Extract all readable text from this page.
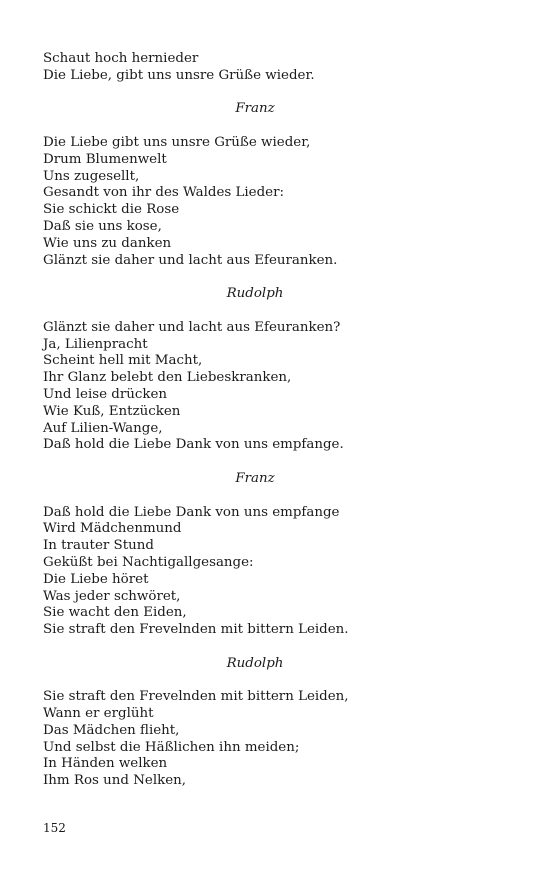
Schaut hoch hernieder
Die Liebe, gibt uns unsre Grüße wieder.
Franz
Die Liebe gibt uns unsre Grüße wieder,
Drum Blumenwelt
Uns zugesellt,
Gesandt von ihr des Waldes Lieder:
Sie schickt die Rose
Daß sie uns kose,
Wie uns zu danken
Glänzt sie daher und lacht aus Efeuranken.
Rudolph
Glänzt sie daher und lacht aus Efeuranken?
Ja, Lilienpracht
Scheint hell mit Macht,
Ihr Glanz belebt den Liebeskranken,
Und leise drücken
Wie Kuß, Entzücken
Auf Lilien-Wange,
Daß hold die Liebe Dank von uns empfange.
Franz
Daß hold die Liebe Dank von uns empfange
Wird Mädchenmund
In trauter Stund
Geküßt bei Nachtigallgesange:
Die Liebe höret
Was jeder schwöret,
Sie wacht den Eiden,
Sie straft den Frevelnden mit bittern Leiden.
Rudolph
Sie straft den Frevelnden mit bittern Leiden,
Wann er erglüht
Das Mädchen flieht,
Und selbst die Häßlichen ihn meiden;
In Händen welken
Ihm Ros und Nelken,
152
